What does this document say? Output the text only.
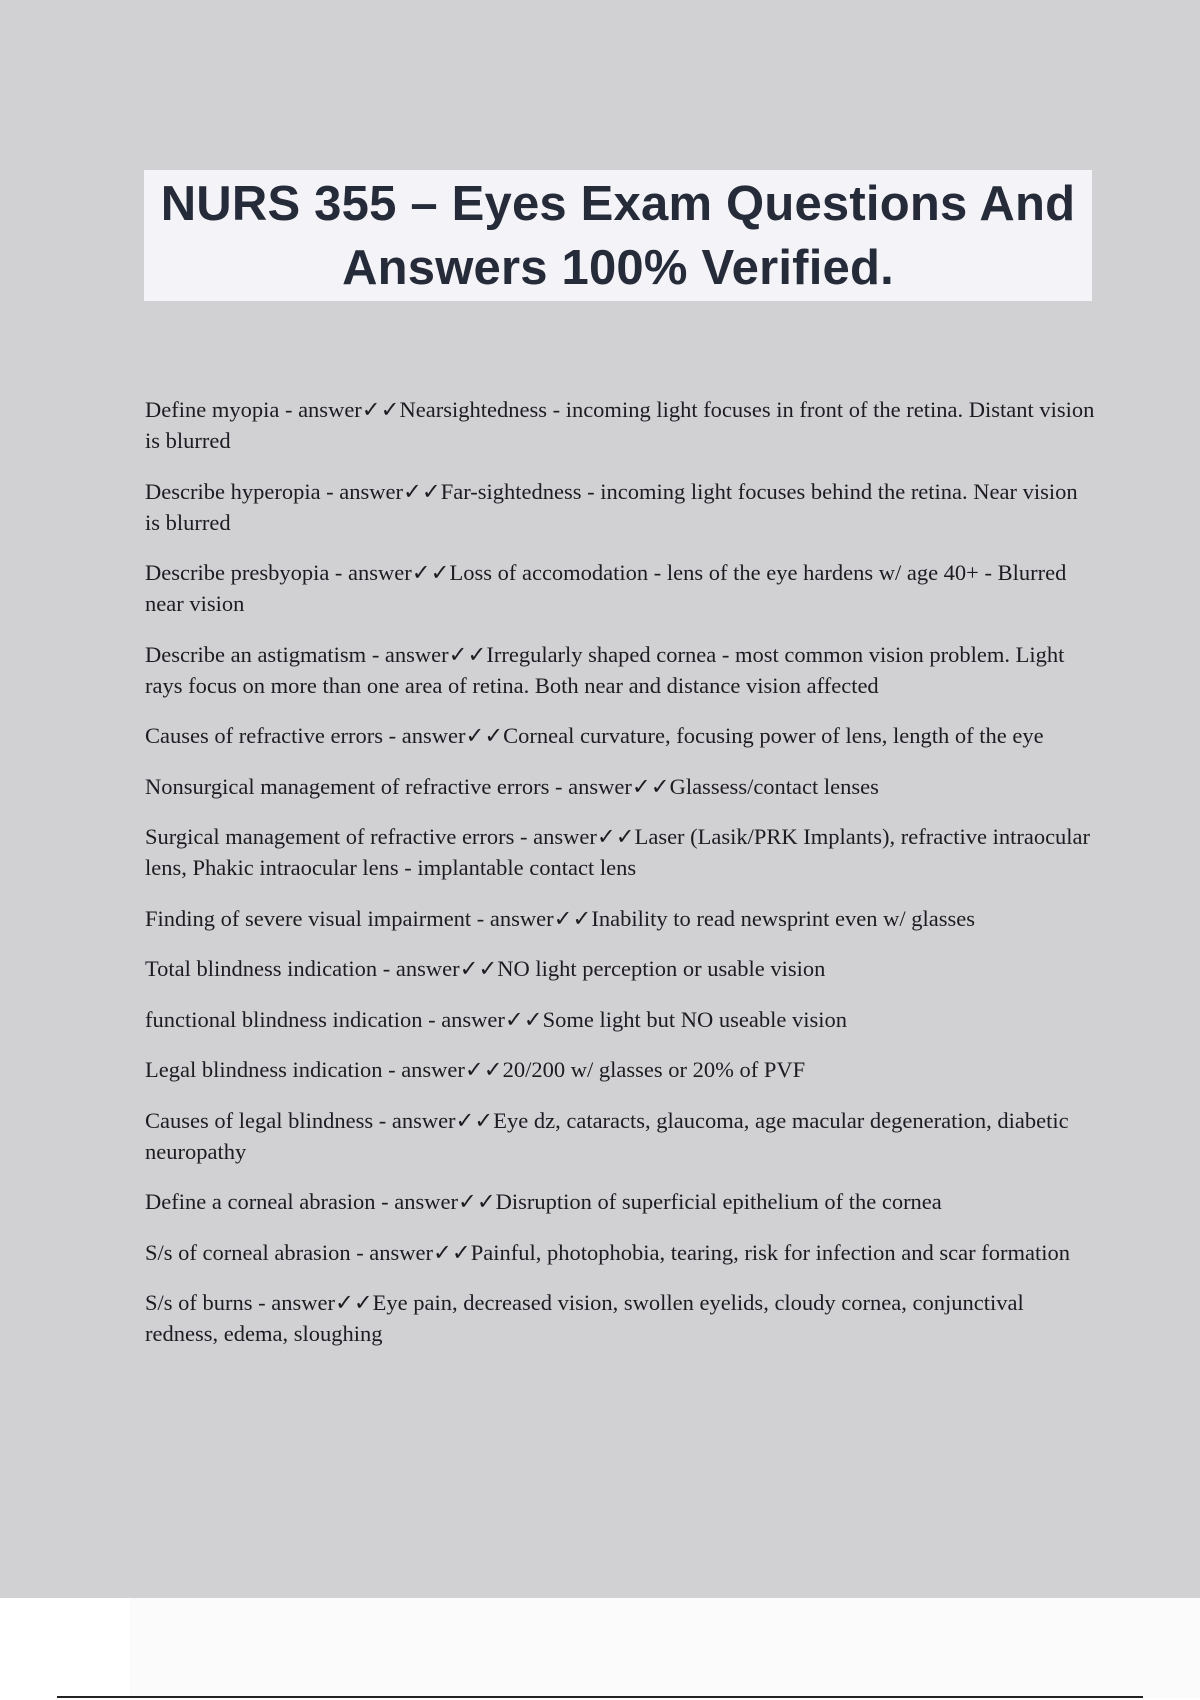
NURS 355 – Eyes Exam Questions And Answers 100% Verified.
Define myopia - answer✓✓Nearsightedness - incoming light focuses in front of the retina. Distant vision is blurred
Describe hyperopia - answer✓✓Far-sightedness - incoming light focuses behind the retina. Near vision is blurred
Describe presbyopia - answer✓✓Loss of accomodation - lens of the eye hardens w/ age 40+ - Blurred near vision
Describe an astigmatism - answer✓✓Irregularly shaped cornea - most common vision problem. Light rays focus on more than one area of retina. Both near and distance vision affected
Causes of refractive errors - answer✓✓Corneal curvature, focusing power of lens, length of the eye
Nonsurgical management of refractive errors - answer✓✓Glassess/contact lenses
Surgical management of refractive errors - answer✓✓Laser (Lasik/PRK Implants), refractive intraocular lens, Phakic intraocular lens - implantable contact lens
Finding of severe visual impairment - answer✓✓Inability to read newsprint even w/ glasses
Total blindness indication - answer✓✓NO light perception or usable vision
functional blindness indication - answer✓✓Some light but NO useable vision
Legal blindness indication - answer✓✓20/200 w/ glasses or 20% of PVF
Causes of legal blindness - answer✓✓Eye dz, cataracts, glaucoma, age macular degeneration, diabetic neuropathy
Define a corneal abrasion - answer✓✓Disruption of superficial epithelium of the cornea
S/s of corneal abrasion - answer✓✓Painful, photophobia, tearing, risk for infection and scar formation
S/s of burns - answer✓✓Eye pain, decreased vision, swollen eyelids, cloudy cornea, conjunctival redness, edema, sloughing
